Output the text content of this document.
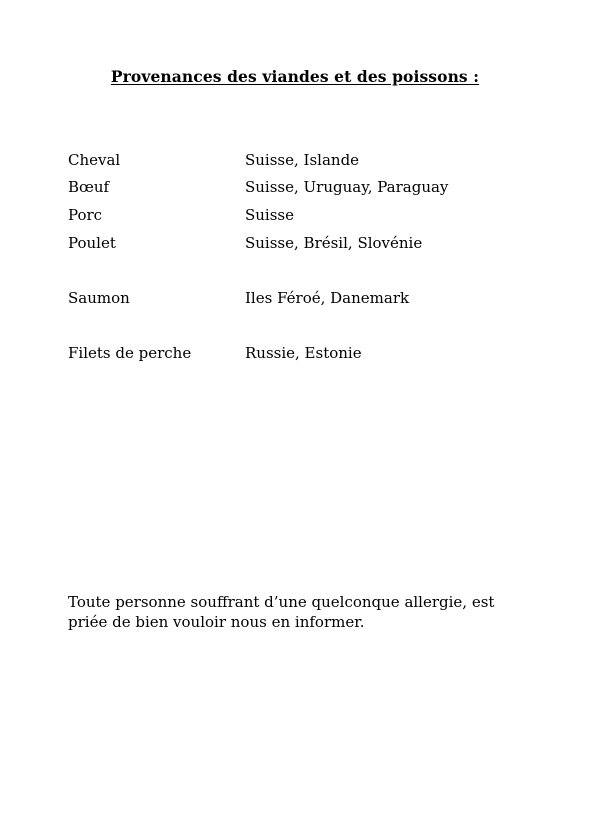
Provenances des viandes et des poissons :
Cheval	Suisse, Islande
Bœuf	Suisse, Uruguay, Paraguay
Porc	Suisse
Poulet	Suisse, Brésil, Slovénie
Saumon	Iles Féroé, Danemark
Filets de perche	Russie, Estonie
Toute personne souffrant d’une quelconque allergie, est priée de bien vouloir nous en informer.
